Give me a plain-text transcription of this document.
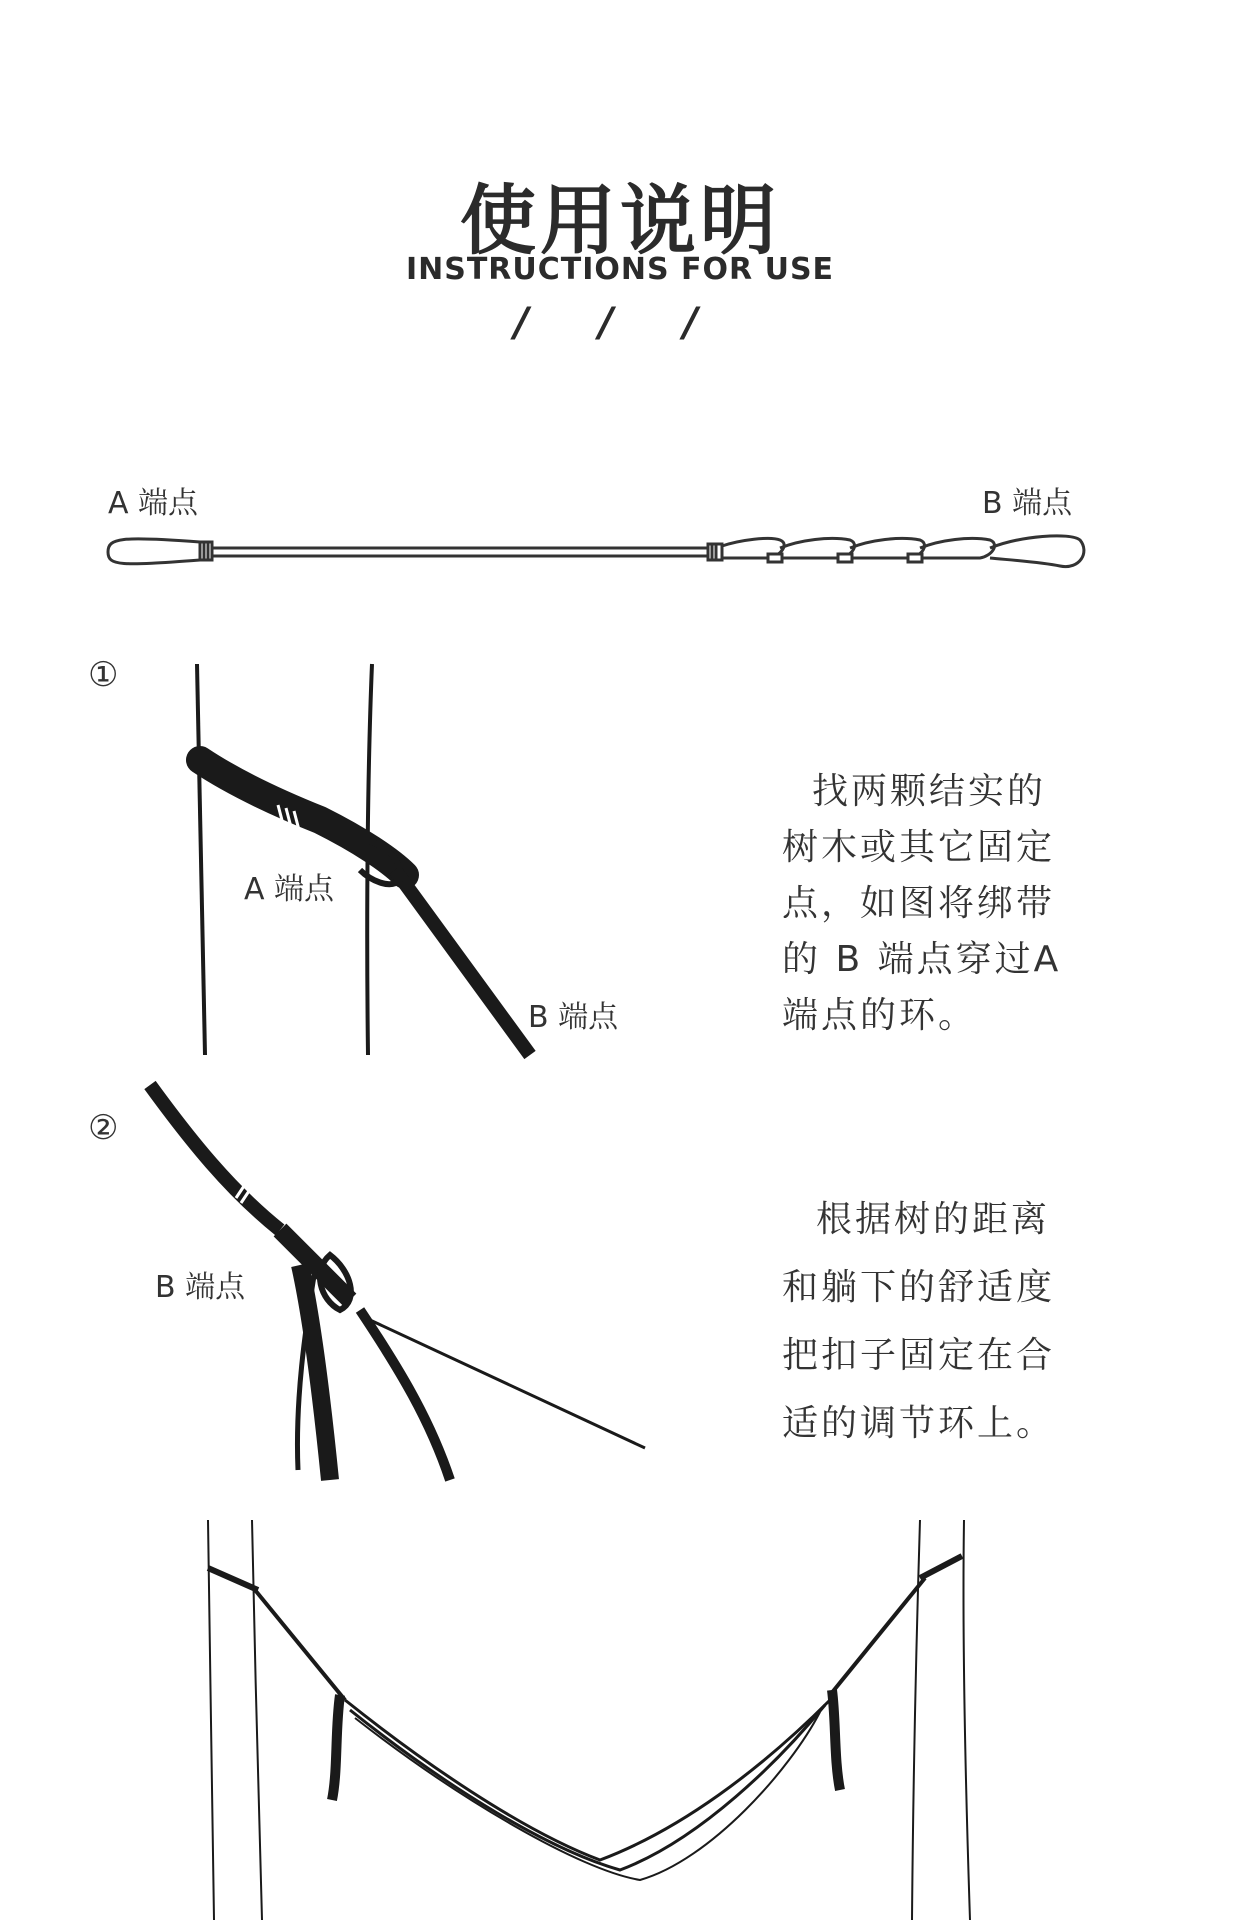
使用说明
INSTRUCTIONS FOR USE
/ / /
A 端点	B 端点
①
A 端点
B 端点
找两颗结实的树木或其它固定点，如图将绑带的 B 端点穿过A端点的环。
②
B 端点
根据树的距离和躺下的舒适度把扣子固定在合适的调节环上。
